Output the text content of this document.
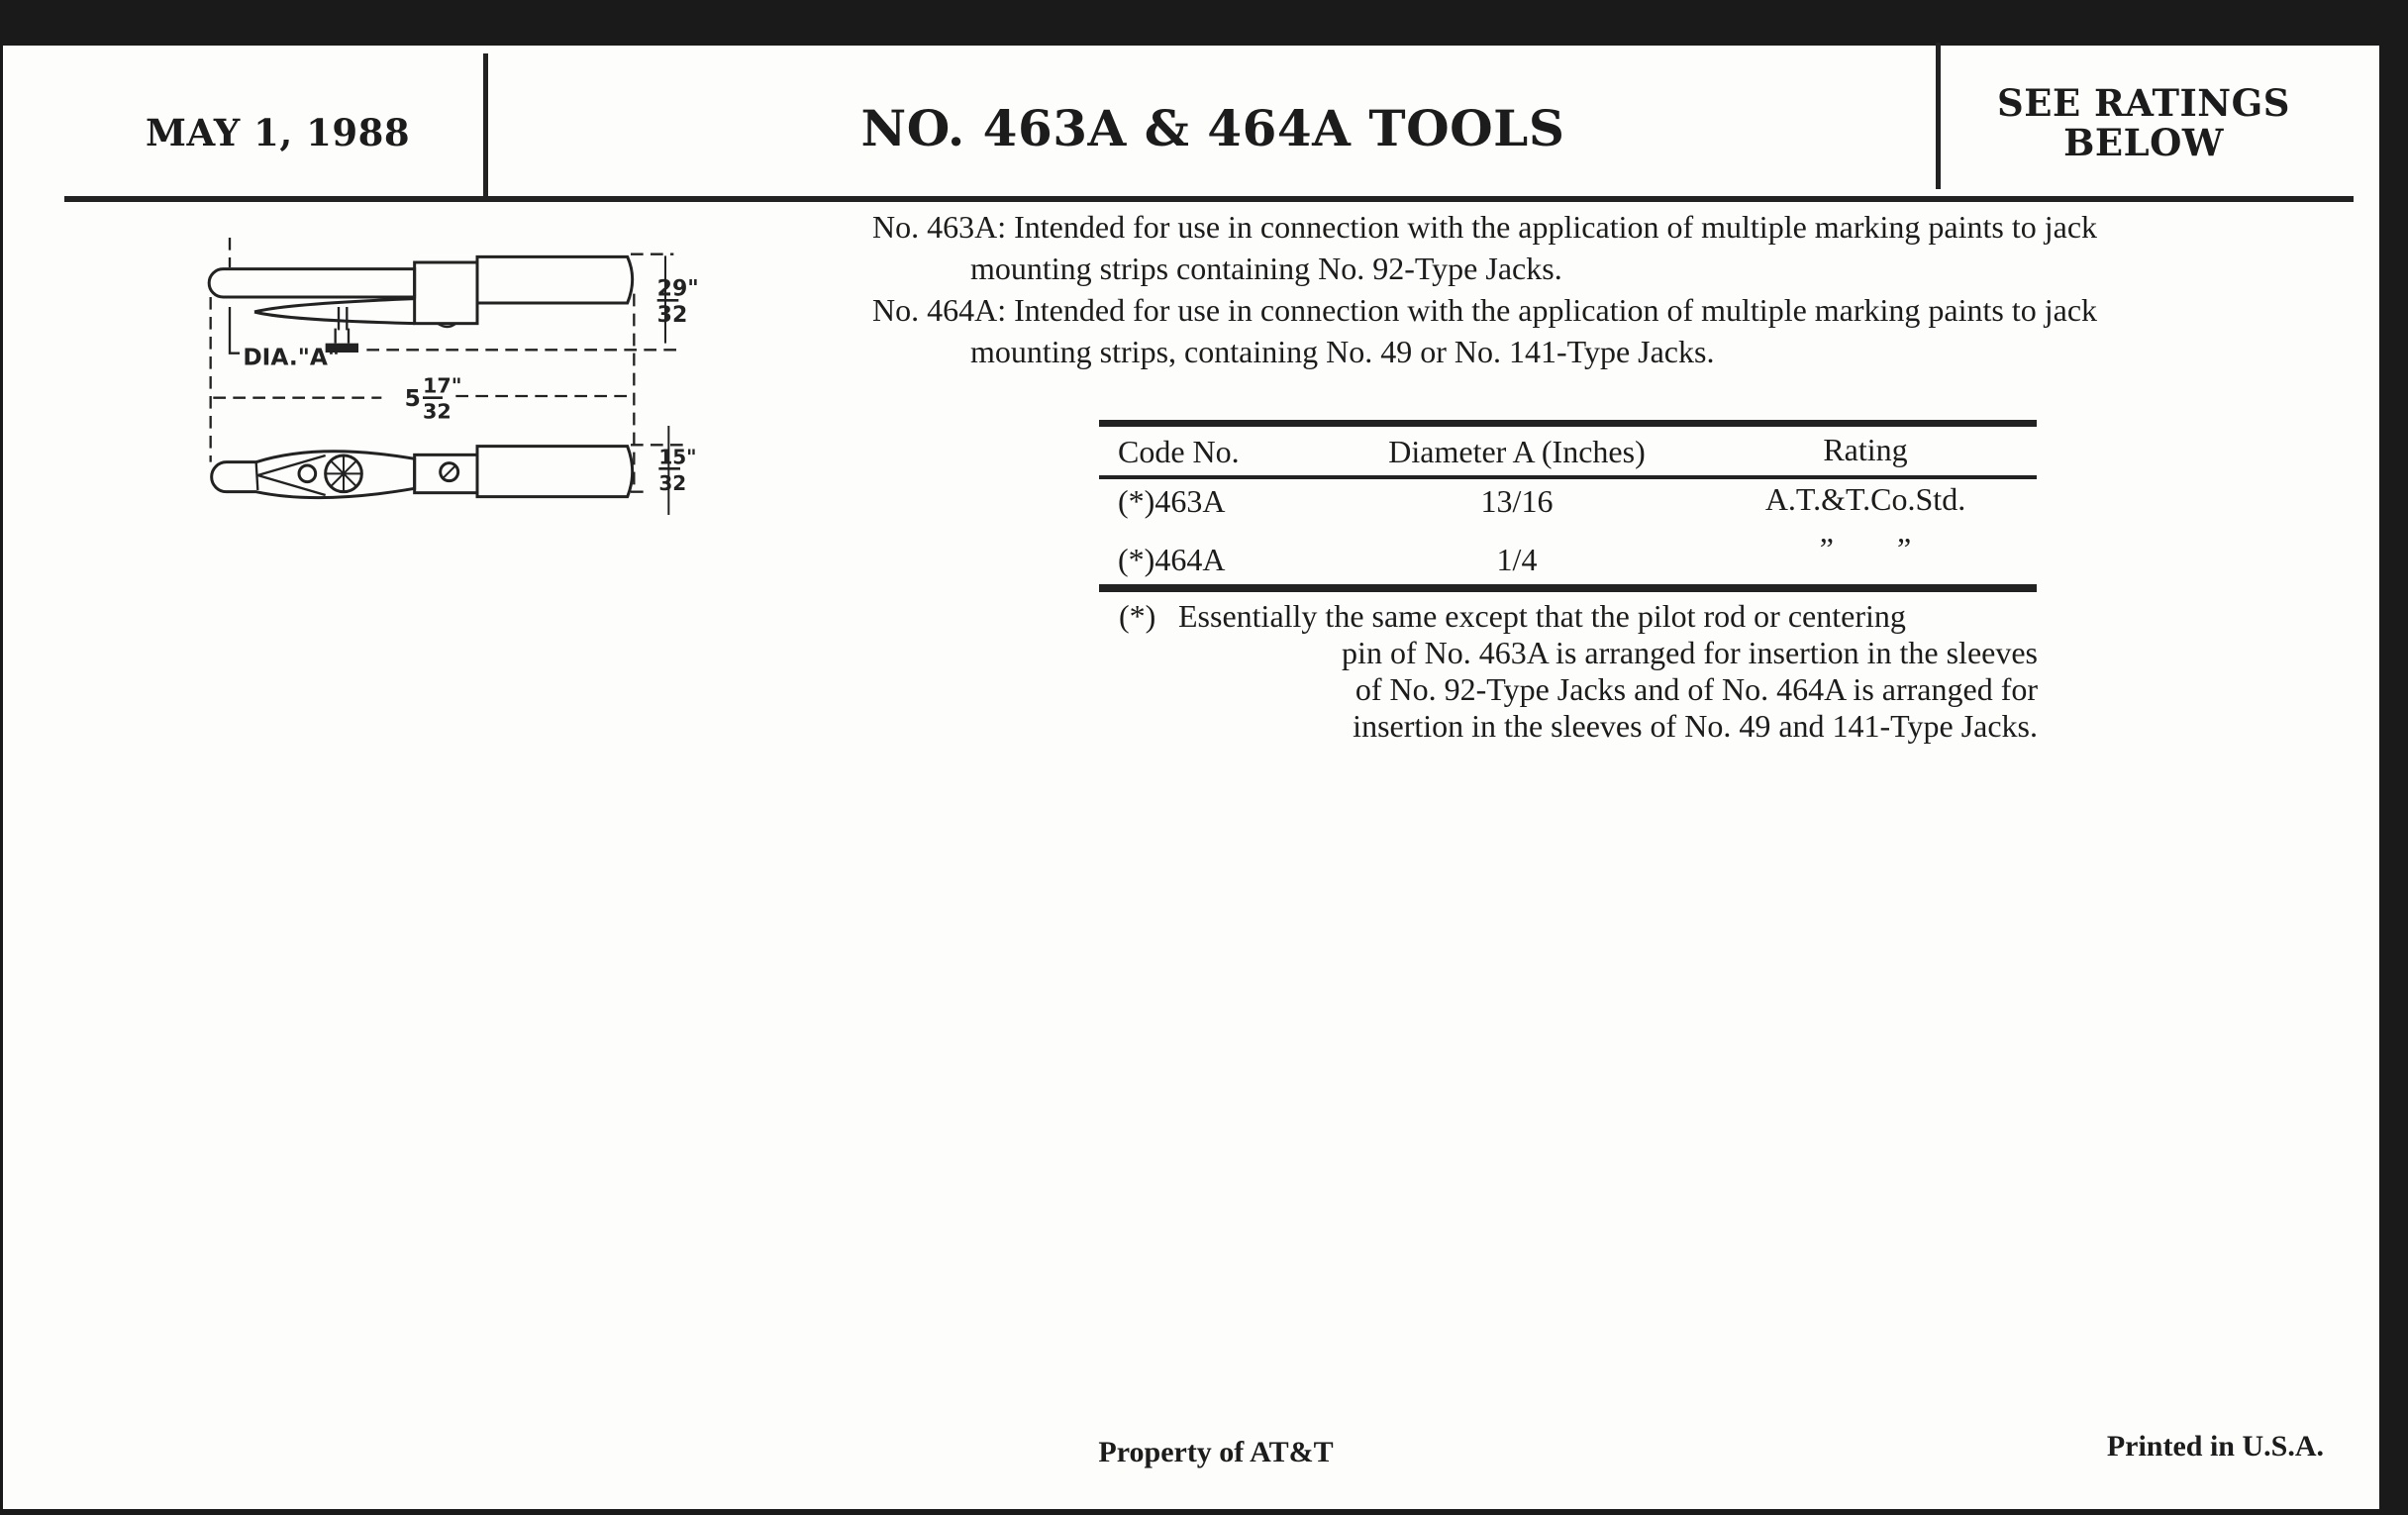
MAY 1, 1988	NO. 463A & 464A TOOLS	SEE RATINGS
BELOW
DIA."A"
29"
32
5 17"
32
15"
32
No. 463A: Intended for use in connection with the application of multiple marking paints to jack
mounting strips containing No. 92-Type Jacks.
No. 464A: Intended for use in connection with the application of multiple marking paints to jack
mounting strips, containing No. 49 or No. 141-Type Jacks.
Code No.	Diameter A (Inches)	Rating
(*)463A	13/16	A.T.&T.Co.Std.
(*)464A	1/4	”        ”
(*) Essentially the same except that the pilot rod or centering
pin of No. 463A is arranged for insertion in the sleeves
of No. 92-Type Jacks and of No. 464A is arranged for
insertion in the sleeves of No. 49 and 141-Type Jacks.
Property of AT&T	Printed in U.S.A.
